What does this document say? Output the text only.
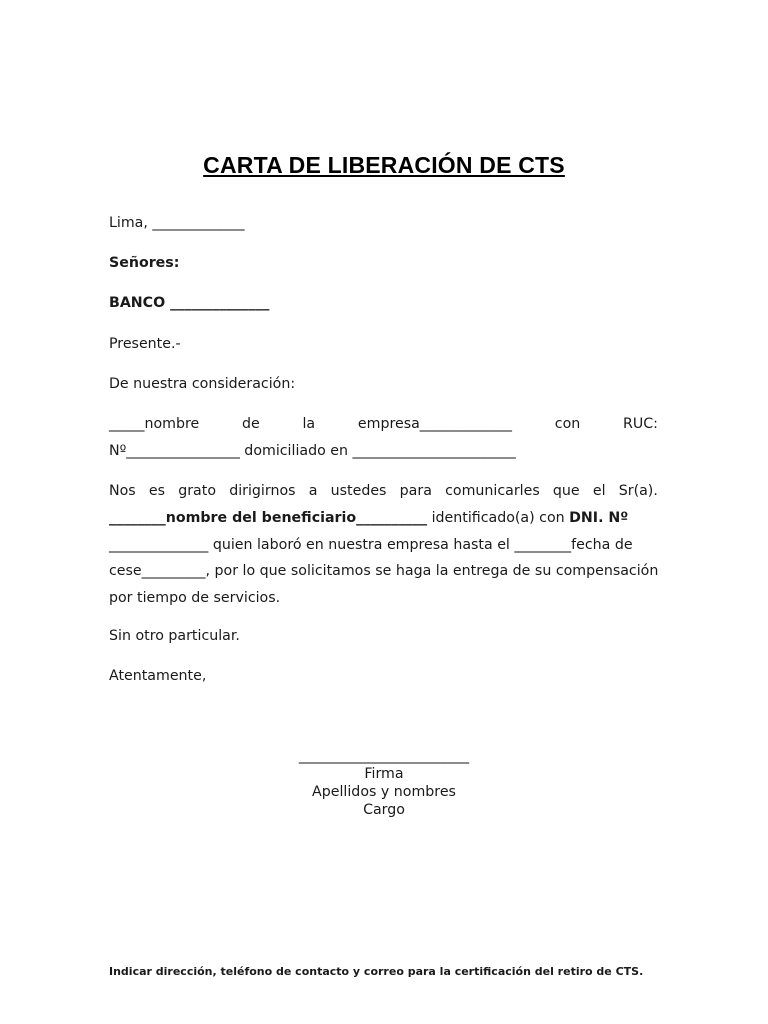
CARTA DE LIBERACIÓN DE CTS
Lima, _____________
Señores:
BANCO ______________
Presente.-
De nuestra consideración:
_____nombre	de	la	empresa_____________	con	RUC:
Nº________________ domiciliado en _______________________
Nos es grato dirigirnos a ustedes para comunicarles que el Sr(a).
________nombre del beneficiario__________ identificado(a) con DNI. Nº
______________ quien laboró en nuestra empresa hasta el ________fecha de
cese_________, por lo que solicitamos se haga la entrega de su compensación
por tiempo de servicios.
Sin otro particular.
Atentamente,
________________________
Firma
Apellidos y nombres
Cargo
Indicar dirección, teléfono de contacto y correo para la certificación del retiro de CTS.
